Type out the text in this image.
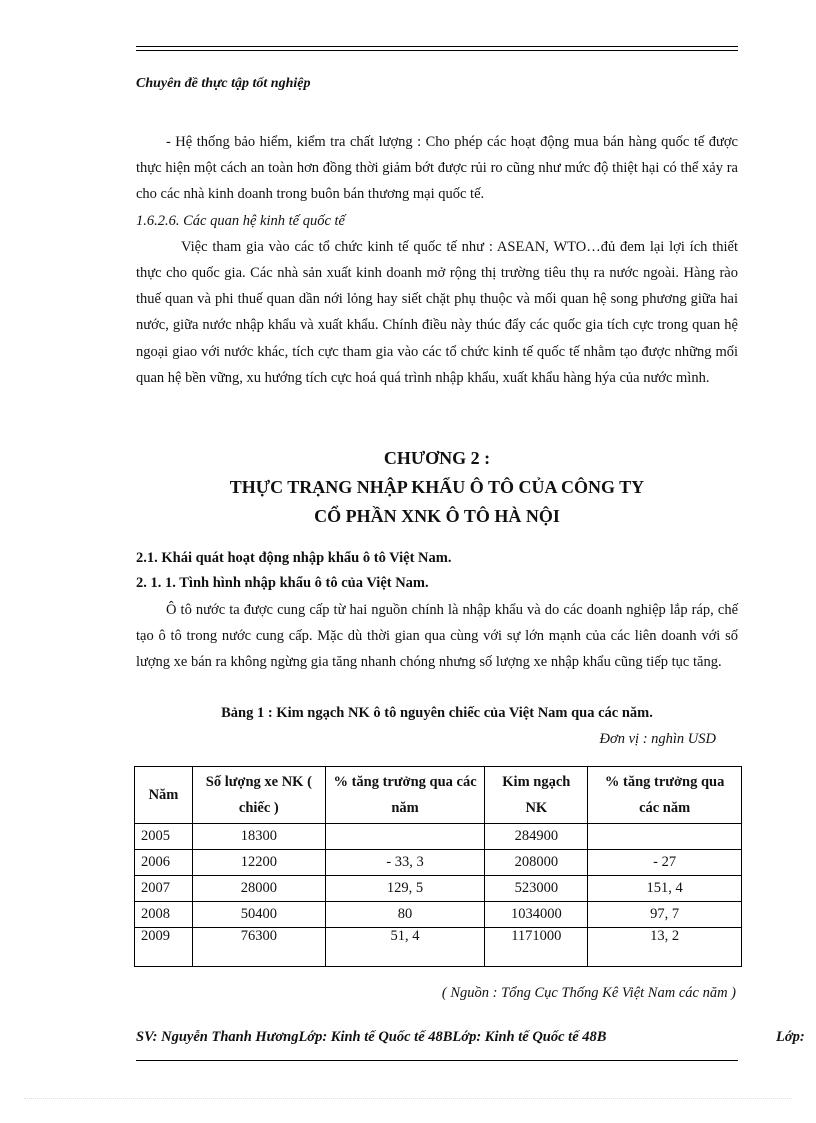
Chuyên đề thực tập tốt nghiệp

- Hệ thống bảo hiểm, kiểm tra chất lượng : Cho phép các hoạt động mua bán hàng quốc tế được thực hiện một cách an toàn hơn đồng thời giảm bớt được rủi ro cũng như mức độ thiệt hại có thể xảy ra cho các nhà kinh doanh trong buôn bán thương mại quốc tế.

1.6.2.6. Các quan hệ kinh tế quốc tế

Việc tham gia vào các tổ chức kinh tế quốc tế như : ASEAN, WTO…đủ đem lại lợi ích thiết thực cho quốc gia. Các nhà sản xuất kinh doanh mở rộng thị trường tiêu thụ ra nước ngoài. Hàng rào thuế quan và phi thuế quan dần nới lỏng hay siết chặt phụ thuộc và mối quan hệ song phương giữa hai nước, giữa nước nhập khẩu và xuất khẩu. Chính điều này thúc đẩy các quốc gia tích cực trong quan hệ ngoại giao với nước khác, tích cực tham gia vào các tổ chức kinh tế quốc tế nhằm tạo được những mối quan hệ bền vững, xu hướng tích cực hoá quá trình nhập khẩu, xuất khẩu hàng hýa của nước mình.

CHƯƠNG 2 :
THỰC TRẠNG NHẬP KHẨU Ô TÔ CỦA CÔNG TY
CỔ PHẦN XNK Ô TÔ HÀ NỘI
2.1. Khái quát hoạt động nhập khẩu ô tô Việt Nam.
2. 1. 1. Tình hình nhập khẩu ô tô của Việt Nam.

Ô tô nước ta được cung cấp từ hai nguồn chính là nhập khẩu và do các doanh nghiệp lắp ráp, chế tạo ô tô trong nước cung cấp. Mặc dù thời gian qua cùng với sự lớn mạnh của các liên doanh với số lượng xe bán ra không ngừng gia tăng nhanh chóng nhưng số lượng xe nhập khẩu cũng tiếp tục tăng.

Bảng 1 : Kim ngạch NK ô tô nguyên chiếc của Việt Nam qua các năm.
Đơn vị : nghìn USD
Năm	Số lượng xe NK ( chiếc )	% tăng trưởng qua các năm	Kim ngạch NK	% tăng trưởng qua các năm
2005	18300		284900	
2006	12200	- 33, 3	208000	- 27
2007	28000	129, 5	523000	151, 4
2008	50400	80	1034000	97, 7
2009	76300	51, 4	1171000	13, 2
( Nguồn : Tổng Cục Thống Kê Việt Nam các năm )
SV: Nguyễn Thanh HươngLớp: Kinh tế Quốc tế 48BLớp: Kinh tế Quốc tế 48B	Lớp:
